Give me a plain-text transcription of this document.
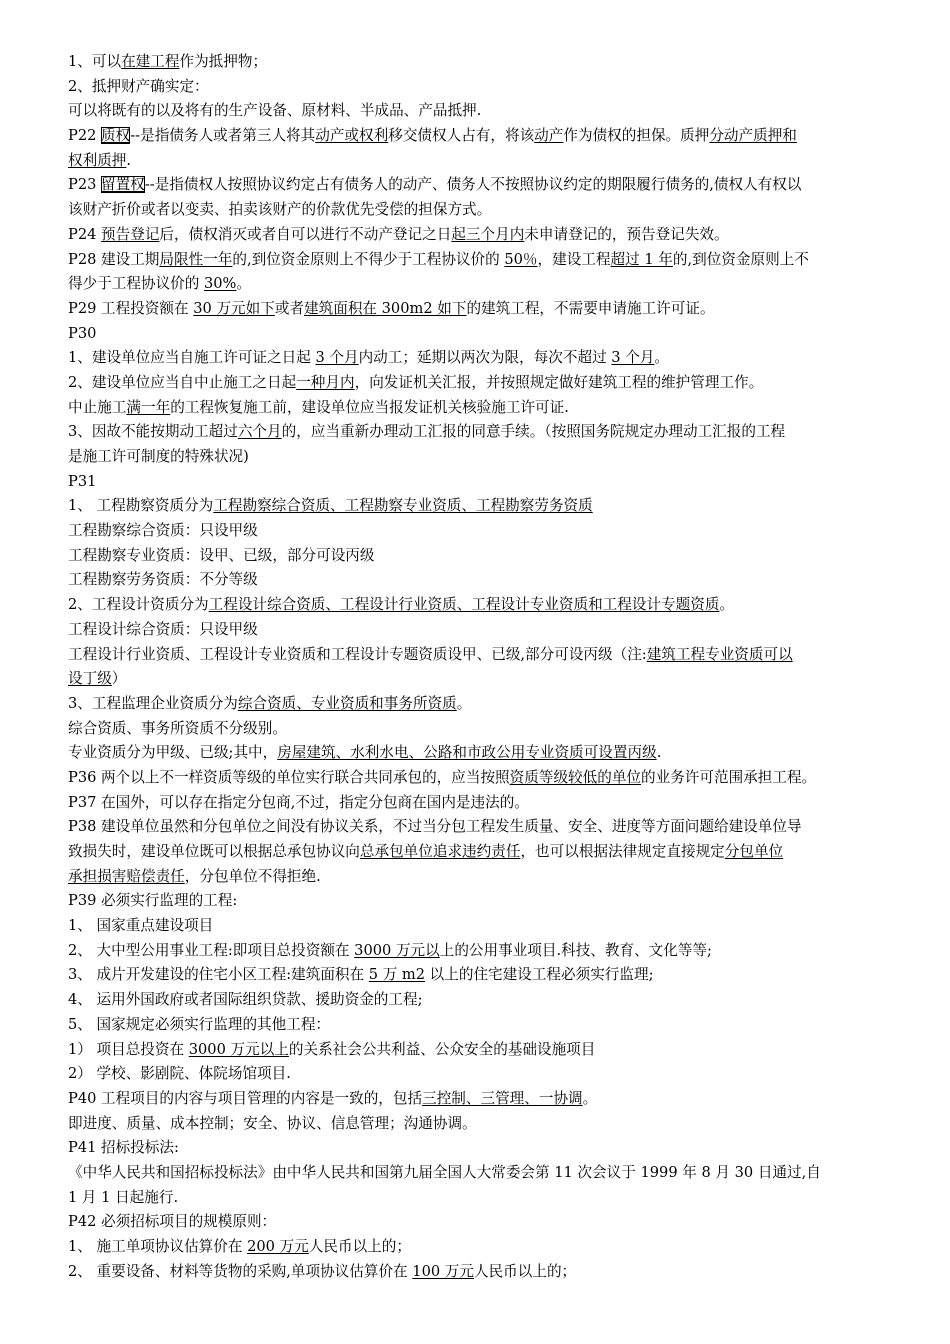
1、可以在建工程作为抵押物；
2、抵押财产确实定：
可以将既有的以及将有的生产设备、原材料、半成品、产品抵押.
P22 质权--是指债务人或者第三人将其动产或权利移交债权人占有，将该动产作为债权的担保。质押分动产质押和
权利质押.
P23 留置权--是指债权人按照协议约定占有债务人的动产、债务人不按照协议约定的期限履行债务的,债权人有权以
该财产折价或者以变卖、拍卖该财产的价款优先受偿的担保方式。
P24 预告登记后，债权消灭或者自可以进行不动产登记之日起三个月内未申请登记的，预告登记失效。
P28 建设工期局限性一年的,到位资金原则上不得少于工程协议价的 50％，建设工程超过 1 年的,到位资金原则上不
得少于工程协议价的 30%。
P29 工程投资额在 30 万元如下或者建筑面积在 300m2 如下的建筑工程，不需要申请施工许可证。
P30
1、建设单位应当自施工许可证之日起 3 个月内动工；延期以两次为限，每次不超过 3 个月。
2、建设单位应当自中止施工之日起一种月内，向发证机关汇报，并按照规定做好建筑工程的维护管理工作。
中止施工满一年的工程恢复施工前，建设单位应当报发证机关核验施工许可证.
3、因故不能按期动工超过六个月的，应当重新办理动工汇报的同意手续。（按照国务院规定办理动工汇报的工程
是施工许可制度的特殊状况)
P31
1、 工程勘察资质分为工程勘察综合资质、工程勘察专业资质、工程勘察劳务资质
工程勘察综合资质：只设甲级
工程勘察专业资质：设甲、已级，部分可设丙级
工程勘察劳务资质：不分等级
2、工程设计资质分为工程设计综合资质、工程设计行业资质、工程设计专业资质和工程设计专题资质。
工程设计综合资质：只设甲级
工程设计行业资质、工程设计专业资质和工程设计专题资质设甲、已级,部分可设丙级（注:建筑工程专业资质可以
设丁级）
3、工程监理企业资质分为综合资质、专业资质和事务所资质。
综合资质、事务所资质不分级别。
专业资质分为甲级、已级;其中，房屋建筑、水利水电、公路和市政公用专业资质可设置丙级.
P36 两个以上不一样资质等级的单位实行联合共同承包的，应当按照资质等级较低的单位的业务许可范围承担工程。
P37 在国外，可以存在指定分包商,不过，指定分包商在国内是违法的。
P38 建设单位虽然和分包单位之间没有协议关系，不过当分包工程发生质量、安全、进度等方面问题给建设单位导
致损失时，建设单位既可以根据总承包协议向总承包单位追求违约责任，也可以根据法律规定直接规定分包单位
承担损害赔偿责任，分包单位不得拒绝.
P39 必须实行监理的工程:
1、 国家重点建设项目
2、 大中型公用事业工程:即项目总投资额在 3000 万元以上的公用事业项目.科技、教育、文化等等;
3、 成片开发建设的住宅小区工程:建筑面积在 5 万 m2 以上的住宅建设工程必须实行监理;
4、 运用外国政府或者国际组织贷款、援助资金的工程;
5、 国家规定必须实行监理的其他工程：
1） 项目总投资在 3000 万元以上的关系社会公共利益、公众安全的基础设施项目
2） 学校、影剧院、体院场馆项目.
P40 工程项目的内容与项目管理的内容是一致的，包括三控制、三管理、一协调。
即进度、质量、成本控制；安全、协议、信息管理；沟通协调。
P41 招标投标法:
《中华人民共和国招标投标法》由中华人民共和国第九届全国人大常委会第 11 次会议于 1999 年 8 月 30 日通过,自
1 月 1 日起施行.
P42 必须招标项目的规模原则：
1、 施工单项协议估算价在 200 万元人民币以上的；
2、 重要设备、材料等货物的采购,单项协议估算价在 100 万元人民币以上的；
